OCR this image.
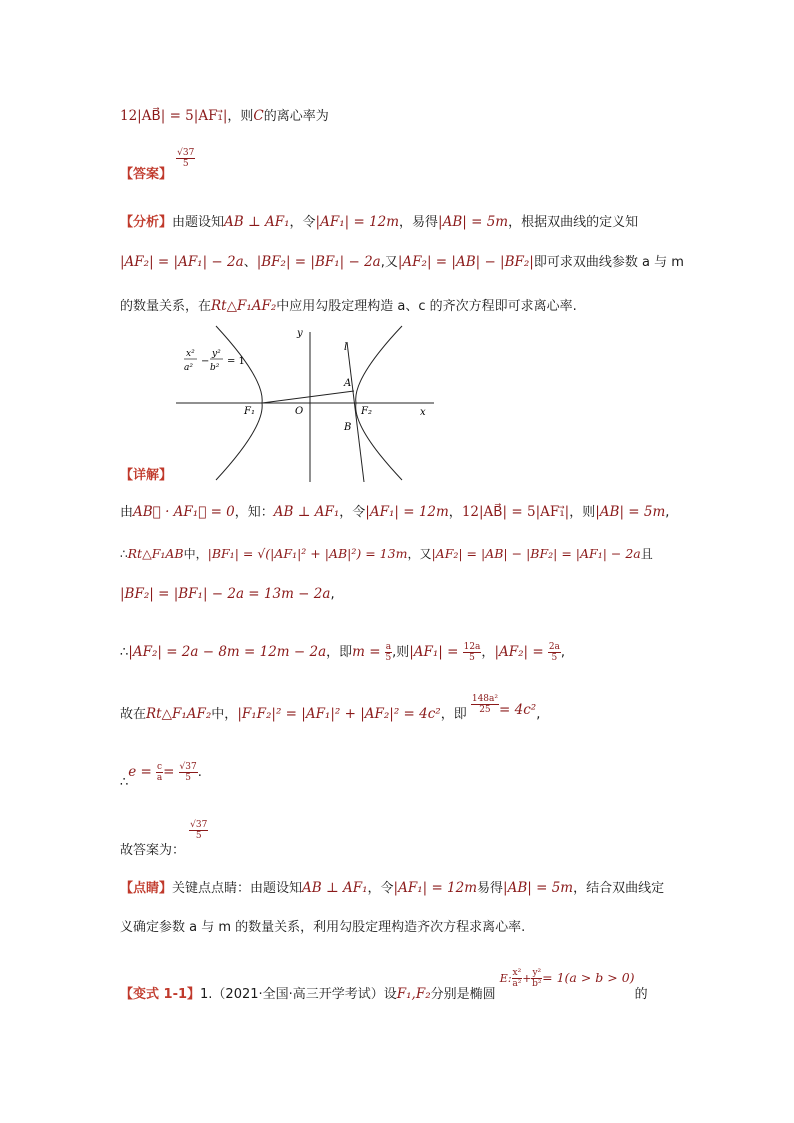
12|AB⃗| = 5|AF₁⃗|，则C的离心率为
【答案】
$\frac{√37}{5}$
【分析】由题设知AB ⊥ AF₁，令|AF₁| = 12m，易得|AB| = 5m，根据双曲线的定义知
|AF₂| = |AF₁| − 2a、|BF₂| = |BF₁| − 2a,又|AF₂| = |AB| − |BF₂|即可求双曲线参数 a 与 m
的数量关系，在Rt△F₁AF₂中应用勾股定理构造 a、c 的齐次方程即可求离心率.
x²
a²
−
y²
b²
= 1
y
x
l
A
B
O
F₁	F₂
【详解】
由AB⃗ · AF₁⃗ = 0，知：AB ⊥ AF₁，令|AF₁| = 12m，12|AB⃗| = 5|AF₁⃗|，则|AB| = 5m,
∴Rt△F₁AB中，|BF₁| = √(|AF₁|² + |AB|²) = 13m，又|AF₂| = |AB| − |BF₂| = |AF₁| − 2a且
|BF₂| = |BF₁| − 2a = 13m − 2a,
∴|AF₂| = 2a − 8m = 12m − 2a，即$m = \frac{a}{5}$ ,则$|AF_1| = \frac{12a}{5}$ ，$|AF_2| = \frac{2a}{5}$ ,
故在Rt△F₁AF₂中，|F₁F₂|² = |AF₁|² + |AF₂|² = 4c²，即 $\frac{\text{148a²}}{25} = 4c^2$,
∴e = $\frac{c}{a} = \frac{√37}{5}$ .
故答案为：
$\frac{√37}{5}$
【点睛】关键点点睛：由题设知AB ⊥ AF₁，令|AF₁| = 12m易得|AB| = 5m，结合双曲线定
义确定参数 a 与 m 的数量关系，利用勾股定理构造齐次方程求离心率.
【变式 1-1】1.（2021·全国·高三开学考试）设F₁,F₂分别是椭圆 E: $\frac{\text{x²}}{\text{a²}} + \frac{\text{y²}}{\text{b²}} = 1(a > b > 0)$的
